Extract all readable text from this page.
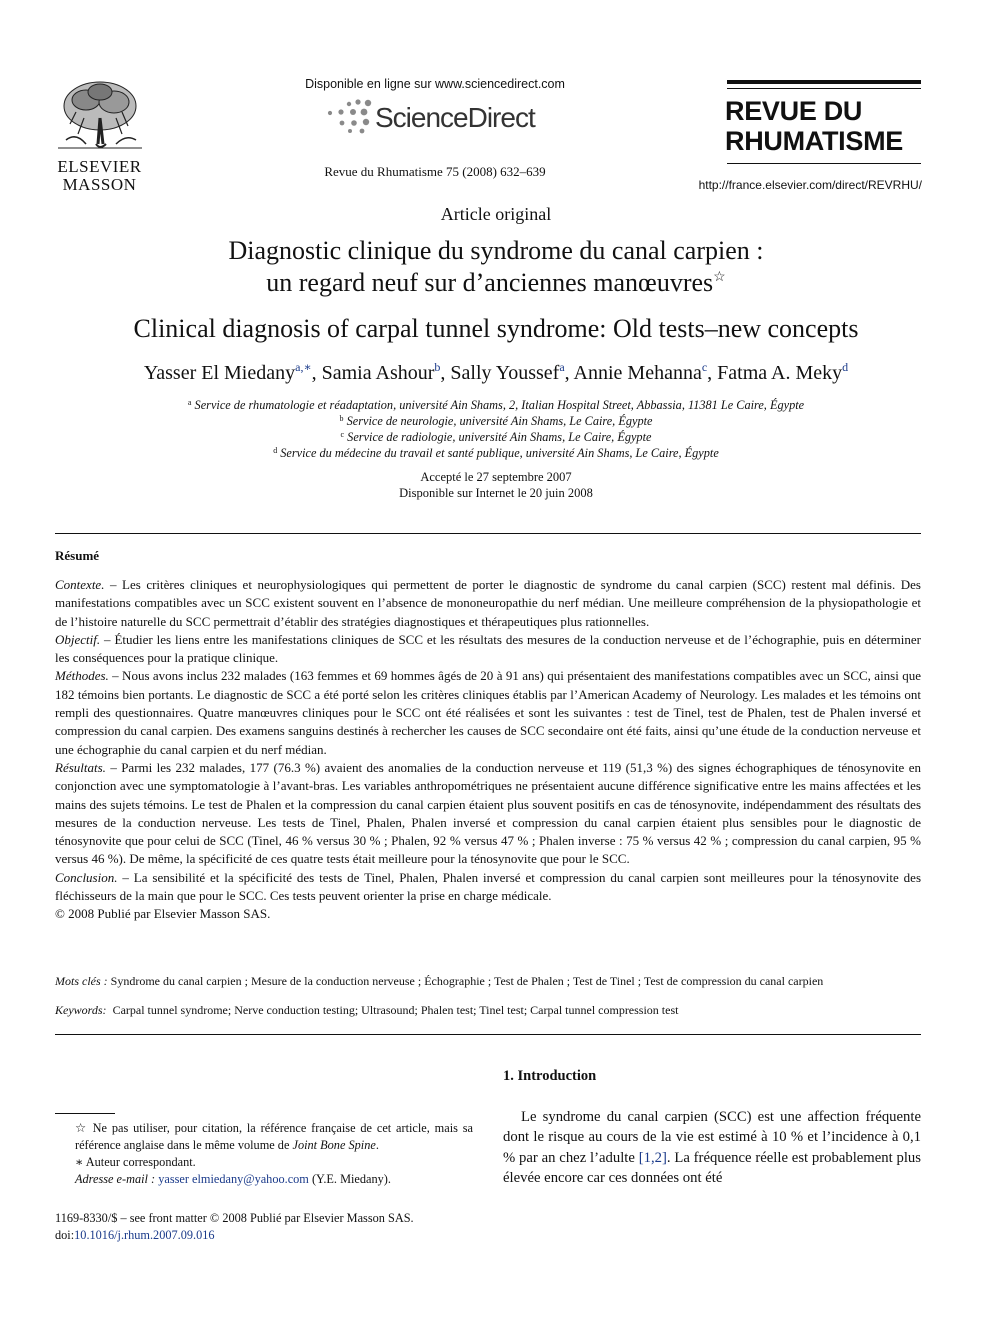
ELSEVIER
MASSON
Disponible en ligne sur www.sciencedirect.com
ScienceDirect
Revue du Rhumatisme 75 (2008) 632–639
REVUE DU
RHUMATISME
http://france.elsevier.com/direct/REVRHU/
Article original
Diagnostic clinique du syndrome du canal carpien :
un regard neuf sur d’anciennes manœuvres☆
Clinical diagnosis of carpal tunnel syndrome: Old tests–new concepts
Yasser El Miedany$^{a,∗}$, Samia Ashour$^b$, Sally Youssef$^a$, Annie Mehanna$^c$, Fatma A. Meky$^d$
$^a$ Service de rhumatologie et réadaptation, université Ain Shams, 2, Italian Hospital Street, Abbassia, 11381 Le Caire, Égypte
$^b$ Service de neurologie, université Ain Shams, Le Caire, Égypte
$^c$ Service de radiologie, université Ain Shams, Le Caire, Égypte
$^d$ Service du médecine du travail et santé publique, université Ain Shams, Le Caire, Égypte
Accepté le 27 septembre 2007
Disponible sur Internet le 20 juin 2008
Résumé

Contexte. – Les critères cliniques et neurophysiologiques qui permettent de porter le diagnostic de syndrome du canal carpien (SCC) restent mal définis. Des manifestations compatibles avec un SCC existent souvent en l’absence de mononeuropathie du nerf médian. Une meilleure compréhension de la physiopathologie et de l’histoire naturelle du SCC permettrait d’établir des stratégies diagnostiques et thérapeutiques plus rationnelles.

Objectif. – Étudier les liens entre les manifestations cliniques de SCC et les résultats des mesures de la conduction nerveuse et de l’échographie, puis en déterminer les conséquences pour la pratique clinique.

Méthodes. – Nous avons inclus 232 malades (163 femmes et 69 hommes âgés de 20 à 91 ans) qui présentaient des manifestations compatibles avec un SCC, ainsi que 182 témoins bien portants. Le diagnostic de SCC a été porté selon les critères cliniques établis par l’American Academy of Neurology. Les malades et les témoins ont rempli des questionnaires. Quatre manœuvres cliniques pour le SCC ont été réalisées et sont les suivantes : test de Tinel, test de Phalen, test de Phalen inversé et compression du canal carpien. Des examens sanguins destinés à rechercher les causes de SCC secondaire ont été faits, ainsi qu’une étude de la conduction nerveuse et une échographie du canal carpien et du nerf médian.

Résultats. – Parmi les 232 malades, 177 (76.3 %) avaient des anomalies de la conduction nerveuse et 119 (51,3 %) des signes échographiques de ténosynovite en conjonction avec une symptomatologie à l’avant-bras. Les variables anthropométriques ne présentaient aucune différence significative entre les mains affectées et les mains des sujets témoins. Le test de Phalen et la compression du canal carpien étaient plus souvent positifs en cas de ténosynovite, indépendamment des résultats des mesures de la conduction nerveuse. Les tests de Tinel, Phalen, Phalen inversé et compression du canal carpien étaient plus sensibles pour le diagnostic de ténosynovite que pour celui de SCC (Tinel, 46 % versus 30 % ; Phalen, 92 % versus 47 % ; Phalen inverse : 75 % versus 42 % ; compression du canal carpien, 95 % versus 46 %). De même, la spécificité de ces quatre tests était meilleure pour la ténosynovite que pour le SCC.

Conclusion. – La sensibilité et la spécificité des tests de Tinel, Phalen, Phalen inversé et compression du canal carpien sont meilleures pour la ténosynovite des fléchisseurs de la main que pour le SCC. Ces tests peuvent orienter la prise en charge médicale.

© 2008 Publié par Elsevier Masson SAS.

Mots clés : Syndrome du canal carpien ; Mesure de la conduction nerveuse ; Échographie ; Test de Phalen ; Test de Tinel ; Test de compression du canal carpien
Keywords: Carpal tunnel syndrome; Nerve conduction testing; Ultrasound; Phalen test; Tinel test; Carpal tunnel compression test

☆ Ne pas utiliser, pour citation, la référence française de cet article, mais sa référence anglaise dans le même volume de Joint Bone Spine.

∗ Auteur correspondant.

Adresse e-mail : yasser elmiedany@yahoo.com (Y.E. Miedany).

1169-8330/$ – see front matter © 2008 Publié par Elsevier Masson SAS.
doi:10.1016/j.rhum.2007.09.016
1. Introduction

Le syndrome du canal carpien (SCC) est une affection fréquente dont le risque au cours de la vie est estimé à 10 % et l’incidence à 0,1 % par an chez l’adulte [1,2]. La fréquence réelle est probablement plus élevée encore car ces données ont été
